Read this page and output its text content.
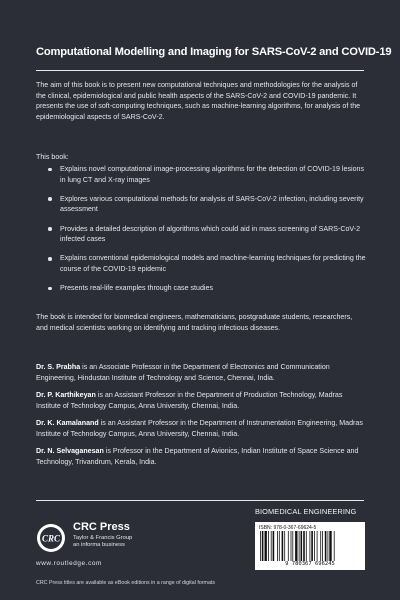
Computational Modelling and Imaging for SARS-CoV-2 and COVID-19
The aim of this book is to present new computational techniques and methodologies for the analysis of the clinical, epidemiological and public health aspects of the SARS-CoV-2 and COVID-19 pandemic. It presents the use of soft-computing techniques, such as machine-learning algorithms, for analysis of the epidemiological aspects of SARS-CoV-2.
This book:
Explains novel computational image-processing algorithms for the detection of COVID-19 lesions in lung CT and X-ray images
Explores various computational methods for analysis of SARS-CoV-2 infection, including severity assessment
Provides a detailed description of algorithms which could aid in mass screening of SARS-CoV-2 infected cases
Explains conventional epidemiological models and machine-learning techniques for predicting the course of the COVID-19 epidemic
Presents real-life examples through case studies
The book is intended for biomedical engineers, mathematicians, postgraduate students, researchers, and medical scientists working on identifying and tracking infectious diseases.
Dr. S. Prabha is an Associate Professor in the Department of Electronics and Communication Engineering, Hindustan Institute of Technology and Science, Chennai, India.
Dr. P. Karthikeyan is an Assistant Professor in the Department of Production Technology, Madras Institute of Technology Campus, Anna University, Chennai, India.
Dr. K. Kamalanand is an Assistant Professor in the Department of Instrumentation Engineering, Madras Institute of Technology Campus, Anna University, Chennai, India.
Dr. N. Selvaganesan is Professor in the Department of Avionics, Indian Institute of Space Science and Technology, Trivandrum, Kerala, India.
BIOMEDICAL ENGINEERING
ISBN: 978-0-367-69624-5
9 780367 696245
CRC
CRC Press
Taylor & Francis Group
an informa business
www.routledge.com
CRC Press titles are available as eBook editions in a range of digital formats
